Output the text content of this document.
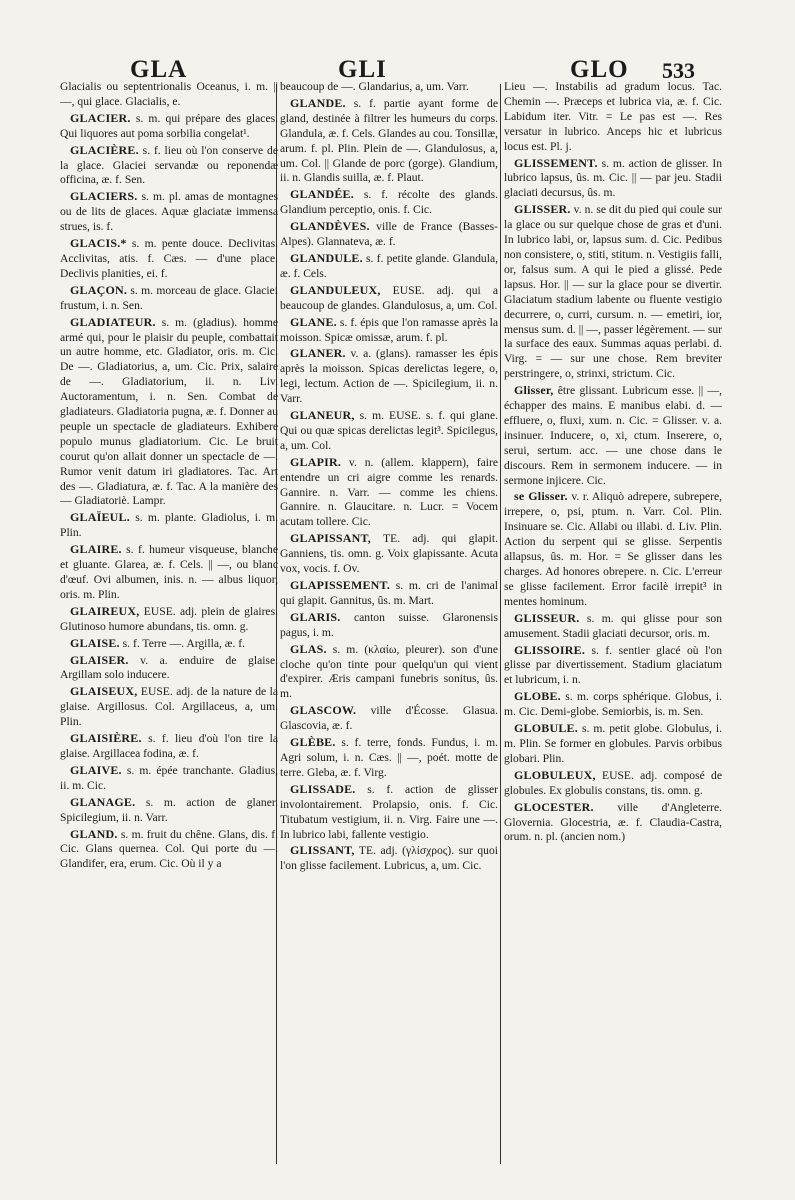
GLA	GLI	GLO 533

Glacialis ou septentrionalis Oceanus, i. m. || —, qui glace. Glacialis, e.

GLACIER. s. m. qui prépare des glaces. Qui liquores aut poma sorbilia congelat¹.

GLACIÈRE. s. f. lieu où l'on conserve de la glace. Glaciei servandæ ou reponendæ officina, æ. f. Sen.

GLACIERS. s. m. pl. amas de montagnes ou de lits de glaces. Aquæ glaciatæ immensa strues, is. f.

GLACIS.* s. m. pente douce. Declivitas. Acclivitas, atis. f. Cæs. — d'une place. Declivis planities, ei. f.

GLAÇON. s. m. morceau de glace. Glaciei frustum, i. n. Sen.

GLADIATEUR. s. m. (gladius). homme armé qui, pour le plaisir du peuple, combattait un autre homme, etc. Gladiator, oris. m. Cic. De —. Gladiatorius, a, um. Cic. Prix, salaire de —. Gladiatorium, ii. n. Liv. Auctoramentum, i. n. Sen. Combat de gladiateurs. Gladiatoria pugna, æ. f. Donner au peuple un spectacle de gladiateurs. Exhibere populo munus gladiatorium. Cic. Le bruit courut qu'on allait donner un spectacle de —. Rumor venit datum iri gladiatores. Tac. Art des —. Gladiatura, æ. f. Tac. A la manière des — Gladiatoriè. Lampr.

GLAÏEUL. s. m. plante. Gladiolus, i. m. Plin.

GLAIRE. s. f. humeur visqueuse, blanche et gluante. Glarea, æ. f. Cels. || —, ou blanc d'œuf. Ovi albumen, inis. n. — albus liquor, oris. m. Plin.

GLAIREUX, EUSE. adj. plein de glaires. Glutinoso humore abundans, tis. omn. g.

GLAISE. s. f. Terre —. Argilla, æ. f.

GLAISER. v. a. enduire de glaise. Argillam solo inducere.

GLAISEUX, EUSE. adj. de la nature de la glaise. Argillosus. Col. Argillaceus, a, um. Plin.

GLAISIÈRE. s. f. lieu d'où l'on tire la glaise. Argillacea fodina, æ. f.

GLAIVE. s. m. épée tranchante. Gladius, ii. m. Cic.

GLANAGE. s. m. action de glaner. Spicilegium, ii. n. Varr.

GLAND. s. m. fruit du chêne. Glans, dis. f. Cic. Glans quernea. Col. Qui porte du —. Glandifer, era, erum. Cic. Où il y a

beaucoup de —. Glandarius, a, um. Varr.

GLANDE. s. f. partie ayant forme de gland, destinée à filtrer les humeurs du corps. Glandula, æ. f. Cels. Glandes au cou. Tonsillæ, arum. f. pl. Plin. Plein de —. Glandulosus, a, um. Col. || Glande de porc (gorge). Glandium, ii. n. Glandis suilla, æ. f. Plaut.

GLANDÉE. s. f. récolte des glands. Glandium perceptio, onis. f. Cic.

GLANDÈVES. ville de France (Basses-Alpes). Glannateva, æ. f.

GLANDULE. s. f. petite glande. Glandula, æ. f. Cels.

GLANDULEUX, EUSE. adj. qui a beaucoup de glandes. Glandulosus, a, um. Col.

GLANE. s. f. épis que l'on ramasse après la moisson. Spicæ omissæ, arum. f. pl.

GLANER. v. a. (glans). ramasser les épis après la moisson. Spicas derelictas legere, o, legi, lectum. Action de —. Spicilegium, ii. n. Varr.

GLANEUR, s. m. EUSE. s. f. qui glane. Qui ou quæ spicas derelictas legit³. Spicilegus, a, um. Col.

GLAPIR. v. n. (allem. klappern), faire entendre un cri aigre comme les renards. Gannire. n. Varr. — comme les chiens. Gannire. n. Glaucitare. n. Lucr. = Vocem acutam tollere. Cic.

GLAPISSANT, TE. adj. qui glapit. Ganniens, tis. omn. g. Voix glapissante. Acuta vox, vocis. f. Ov.

GLAPISSEMENT. s. m. cri de l'animal qui glapit. Gannitus, ûs. m. Mart.

GLARIS. canton suisse. Glaronensis pagus, i. m.

GLAS. s. m. (κλαίω, pleurer). son d'une cloche qu'on tinte pour quelqu'un qui vient d'expirer. Æris campani funebris sonitus, ûs. m.

GLASCOW. ville d'Écosse. Glasua. Glascovia, æ. f.

GLÈBE. s. f. terre, fonds. Fundus, i. m. Agri solum, i. n. Cæs. || —, poét. motte de terre. Gleba, æ. f. Virg.

GLISSADE. s. f. action de glisser involontairement. Prolapsio, onis. f. Cic. Titubatum vestigium, ii. n. Virg. Faire une —. In lubrico labi, fallente vestigio.

GLISSANT, TE. adj. (γλίσχρος). sur quoi l'on glisse facilement. Lubricus, a, um. Cic.

Lieu —. Instabilis ad gradum locus. Tac. Chemin —. Præceps et lubrica via, æ. f. Cic. Labidum iter. Vitr. = Le pas est —. Res versatur in lubrico. Anceps hic et lubricus locus est. Pl. j.

GLISSEMENT. s. m. action de glisser. In lubrico lapsus, ûs. m. Cic. || — par jeu. Stadii glaciati decursus, ûs. m.

GLISSER. v. n. se dit du pied qui coule sur la glace ou sur quelque chose de gras et d'uni. In lubrico labi, or, lapsus sum. d. Cic. Pedibus non consistere, o, stiti, stitum. n. Vestigiis falli, or, falsus sum. A qui le pied a glissé. Pede lapsus. Hor. || — sur la glace pour se divertir. Glaciatum stadium labente ou fluente vestigio decurrere, o, curri, cursum. n. — emetiri, ior, mensus sum. d. || —, passer légèrement. — sur la surface des eaux. Summas aquas perlabi. d. Virg. = — sur une chose. Rem breviter perstringere, o, strinxi, strictum. Cic.

Glisser, être glissant. Lubricum esse. || —, échapper des mains. E manibus elabi. d. — effluere, o, fluxi, xum. n. Cic. = Glisser. v. a. insinuer. Inducere, o, xi, ctum. Inserere, o, serui, sertum. acc. — une chose dans le discours. Rem in sermonem inducere. — in sermone injicere. Cic.

se Glisser. v. r. Aliquò adrepere, subrepere, irrepere, o, psi, ptum. n. Varr. Col. Plin. Insinuare se. Cic. Allabi ou illabi. d. Liv. Plin. Action du serpent qui se glisse. Serpentis allapsus, ûs. m. Hor. = Se glisser dans les charges. Ad honores obrepere. n. Cic. L'erreur se glisse facilement. Error facilè irrepit³ in mentes hominum.

GLISSEUR. s. m. qui glisse pour son amusement. Stadii glaciati decursor, oris. m.

GLISSOIRE. s. f. sentier glacé où l'on glisse par divertissement. Stadium glaciatum et lubricum, i. n.

GLOBE. s. m. corps sphérique. Globus, i. m. Cic. Demi-globe. Semiorbis, is. m. Sen.

GLOBULE. s. m. petit globe. Globulus, i. m. Plin. Se former en globules. Parvis orbibus globari. Plin.

GLOBULEUX, EUSE. adj. composé de globules. Ex globulis constans, tis. omn. g.

GLOCESTER. ville d'Angleterre. Glovernia. Glocestria, æ. f. Claudia-Castra, orum. n. pl. (ancien nom.)
